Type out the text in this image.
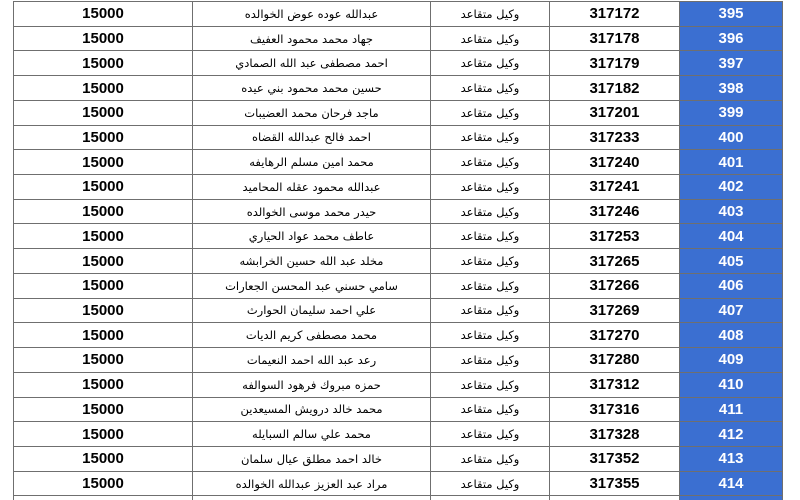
15000	عبدالله عوده عوض الخوالده	وكيل متقاعد	317172	395
15000	جهاد محمد محمود العفيف	وكيل متقاعد	317178	396
15000	احمد مصطفى عبد الله الصمادي	وكيل متقاعد	317179	397
15000	حسين محمد محمود بني عيده	وكيل متقاعد	317182	398
15000	ماجد فرحان محمد العضيبات	وكيل متقاعد	317201	399
15000	احمد فالح عبدالله القضاه	وكيل متقاعد	317233	400
15000	محمد امين مسلم الرهايفه	وكيل متقاعد	317240	401
15000	عبدالله محمود عقله المحاميد	وكيل متقاعد	317241	402
15000	حيدر محمد موسى الخوالده	وكيل متقاعد	317246	403
15000	عاطف محمد عواد الحياري	وكيل متقاعد	317253	404
15000	مخلد عبد الله حسين الخرابشه	وكيل متقاعد	317265	405
15000	سامي حسني عبد المحسن الجعارات	وكيل متقاعد	317266	406
15000	علي احمد سليمان الحوارث	وكيل متقاعد	317269	407
15000	محمد مصطفى كريم الديات	وكيل متقاعد	317270	408
15000	رعد عبد الله احمد النعيمات	وكيل متقاعد	317280	409
15000	حمزه مبروك فرهود السوالفه	وكيل متقاعد	317312	410
15000	محمد خالد درويش المسيعدين	وكيل متقاعد	317316	411
15000	محمد علي سالم السبايله	وكيل متقاعد	317328	412
15000	خالد احمد مطلق عيال سلمان	وكيل متقاعد	317352	413
15000	مراد عبد العزيز عبدالله الخوالده	وكيل متقاعد	317355	414
